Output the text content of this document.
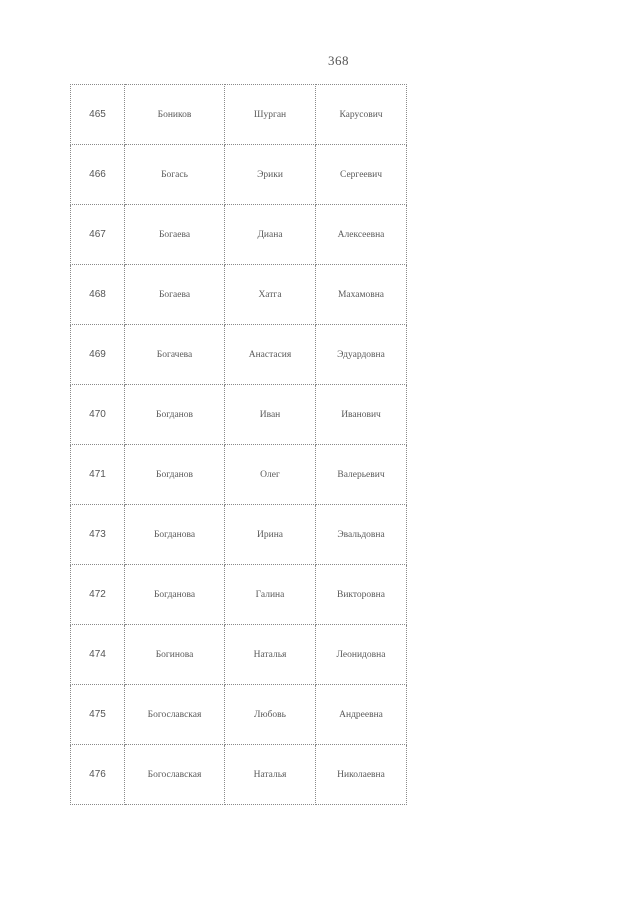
368
465	Боников	Шурган	Карусович
466	Богась	Эрики	Сергеевич
467	Богаева	Диана	Алексеевна
468	Богаева	Хатга	Махамовна
469	Богачева	Анастасия	Эдуардовна
470	Богданов	Иван	Иванович
471	Богданов	Олег	Валерьевич
473	Богданова	Ирина	Эвальдовна
472	Богданова	Галина	Викторовна
474	Богинова	Наталья	Леонидовна
475	Богославская	Любовь	Андреевна
476	Богославская	Наталья	Николаевна
